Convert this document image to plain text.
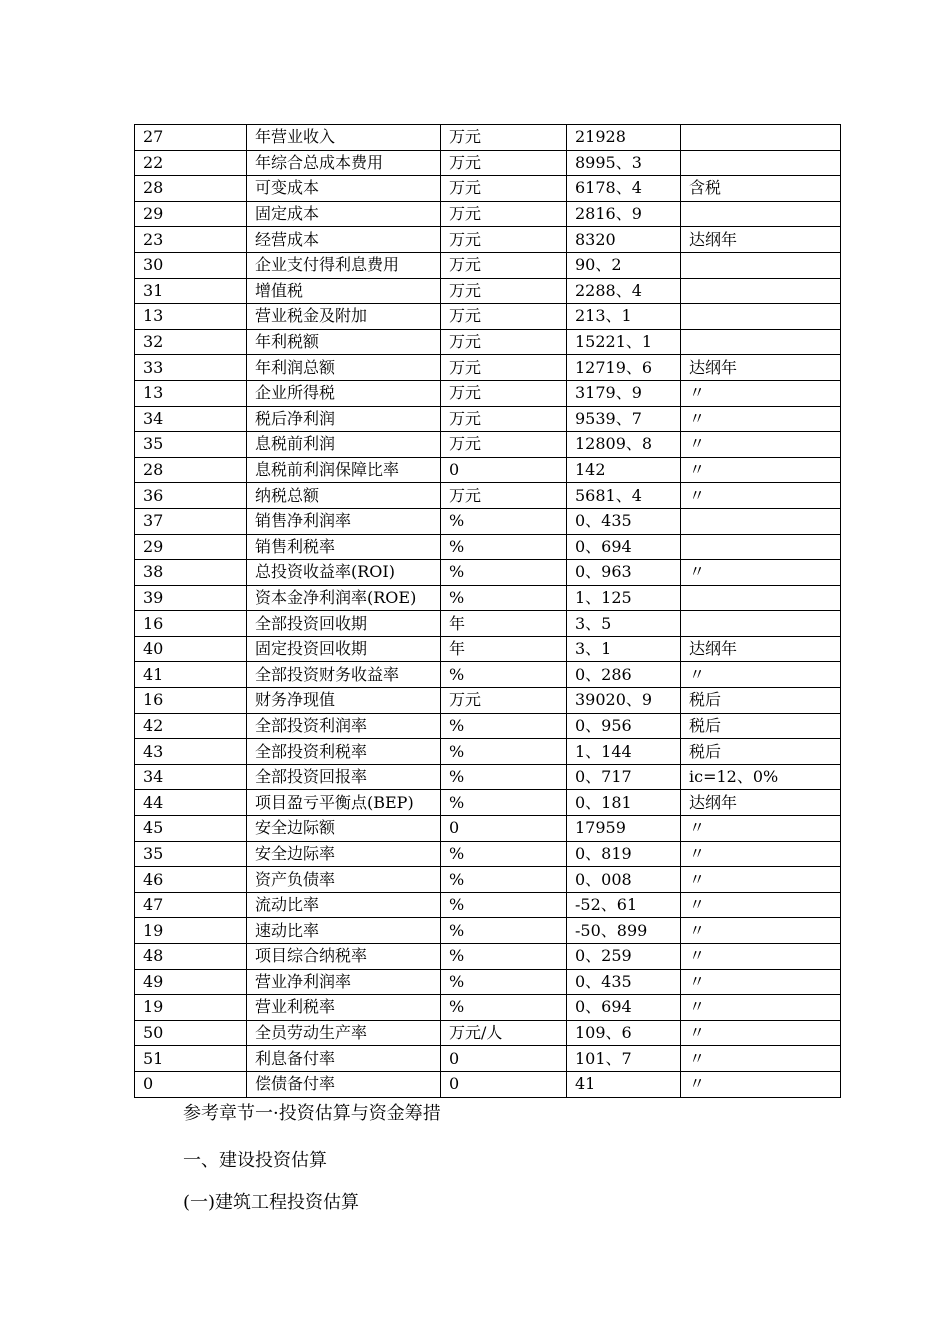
27	年营业收入	万元	21928	
22	年综合总成本费用	万元	8995、3	
28	可变成本	万元	6178、4	含税
29	固定成本	万元	2816、9	
23	经营成本	万元	8320	达纲年
30	企业支付得利息费用	万元	90、2	
31	增值税	万元	2288、4	
13	营业税金及附加	万元	213、1	
32	年利税额	万元	15221、1	
33	年利润总额	万元	12719、6	达纲年
13	企业所得税	万元	3179、9	〃
34	税后净利润	万元	9539、7	〃
35	息税前利润	万元	12809、8	〃
28	息税前利润保障比率	0	142	〃
36	纳税总额	万元	5681、4	〃
37	销售净利润率	%	0、435	
29	销售利税率	%	0、694	
38	总投资收益率(ROI)	%	0、963	〃
39	资本金净利润率(ROE)	%	1、125	
16	全部投资回收期	年	3、5	
40	固定投资回收期	年	3、1	达纲年
41	全部投资财务收益率	%	0、286	〃
16	财务净现值	万元	39020、9	税后
42	全部投资利润率	%	0、956	税后
43	全部投资利税率	%	1、144	税后
34	全部投资回报率	%	0、717	ic=12、0%
44	项目盈亏平衡点(BEP)	%	0、181	达纲年
45	安全边际额	0	17959	〃
35	安全边际率	%	0、819	〃
46	资产负债率	%	0、008	〃
47	流动比率	%	-52、61	〃
19	速动比率	%	-50、899	〃
48	项目综合纳税率	%	0、259	〃
49	营业净利润率	%	0、435	〃
19	营业利税率	%	0、694	〃
50	全员劳动生产率	万元/人	109、6	〃
51	利息备付率	0	101、7	〃
0	偿债备付率	0	41	〃
参考章节一·投资估算与资金筹措
一、建设投资估算
(一)建筑工程投资估算
